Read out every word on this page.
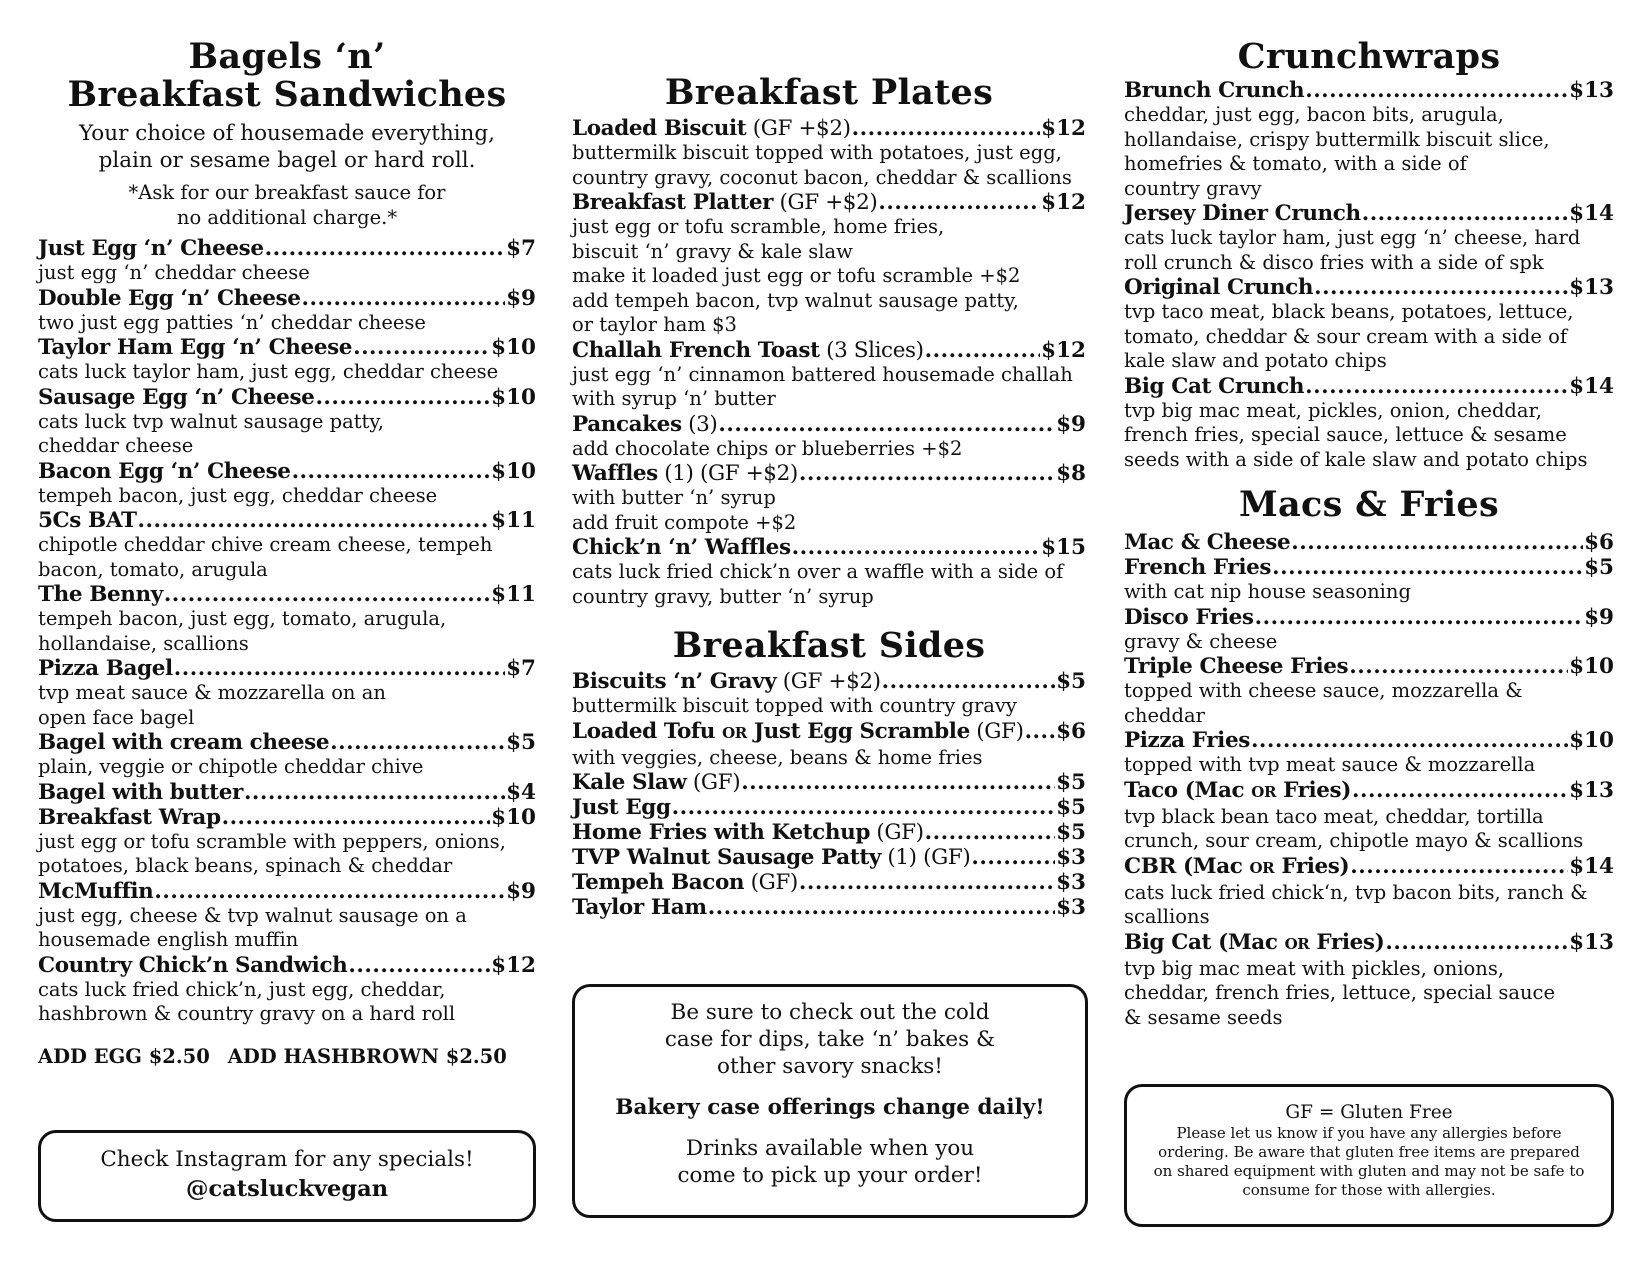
Bagels ‘n’
Breakfast Sandwiches
Your choice of housemade everything,
plain or sesame bagel or hard roll.
*Ask for our breakfast sauce for
no additional charge.*
Just Egg ‘n’ Cheese .....	$7
just egg ‘n’ cheddar cheese
Double Egg ‘n’ Cheese .....	$9
two just egg patties ‘n’ cheddar cheese
Taylor Ham Egg ‘n’ Cheese .....	$10
cats luck taylor ham, just egg, cheddar cheese
Sausage Egg ‘n’ Cheese .....	$10
cats luck tvp walnut sausage patty,
cheddar cheese
Bacon Egg ‘n’ Cheese .....	$10
tempeh bacon, just egg, cheddar cheese
5Cs BAT .....	$11
chipotle cheddar chive cream cheese, tempeh
bacon, tomato, arugula
The Benny .....	$11
tempeh bacon, just egg, tomato, arugula,
hollandaise, scallions
Pizza Bagel .....	$7
tvp meat sauce & mozzarella on an
open face bagel
Bagel with cream cheese .....	$5
plain, veggie or chipotle cheddar chive
Bagel with butter .....	$4
Breakfast Wrap .....	$10
just egg or tofu scramble with peppers, onions,
potatoes, black beans, spinach & cheddar
McMuffin .....	$9
just egg, cheese & tvp walnut sausage on a
housemade english muffin
Country Chick’n Sandwich .....	$12
cats luck fried chick’n, just egg, cheddar,
hashbrown & country gravy on a hard roll
ADD EGG $2.50 ADD HASHBROWN $2.50
Check Instagram for any specials!
@catsluckvegan
Breakfast Plates
Loaded Biscuit (GF +$2) .....	$12
buttermilk biscuit topped with potatoes, just egg,
country gravy, coconut bacon, cheddar & scallions
Breakfast Platter (GF +$2) .....	$12
just egg or tofu scramble, home fries,
biscuit ‘n’ gravy & kale slaw
make it loaded just egg or tofu scramble +$2
add tempeh bacon, tvp walnut sausage patty,
or taylor ham $3
Challah French Toast (3 Slices) .....	$12
just egg ‘n’ cinnamon battered housemade challah
with syrup ‘n’ butter
Pancakes (3) .....	$9
add chocolate chips or blueberries +$2
Waffles (1) (GF +$2) .....	$8
with butter ‘n’ syrup
add fruit compote +$2
Chick’n ‘n’ Waffles .....	$15
cats luck fried chick’n over a waffle with a side of
country gravy, butter ‘n’ syrup
Breakfast Sides
Biscuits ‘n’ Gravy (GF +$2) .....	$5
buttermilk biscuit topped with country gravy
Loaded Tofu OR Just Egg Scramble (GF) ..... $6
with veggies, cheese, beans & home fries
Kale Slaw (GF) .....	$5
Just Egg .....	$5
Home Fries with Ketchup (GF) .....	$5
TVP Walnut Sausage Patty (1) (GF) .....	$3
Tempeh Bacon (GF) .....	$3
Taylor Ham .....	$3

Be sure to check out the cold
case for dips, take ‘n’ bakes &
other savory snacks!

Bakery case offerings change daily!

Drinks available when you
come to pick up your order!

Crunchwraps
Brunch Crunch .....	$13
cheddar, just egg, bacon bits, arugula,
hollandaise, crispy buttermilk biscuit slice,
homefries & tomato, with a side of
country gravy
Jersey Diner Crunch .....	$14
cats luck taylor ham, just egg ‘n’ cheese, hard
roll crunch & disco fries with a side of spk
Original Crunch .....	$13
tvp taco meat, black beans, potatoes, lettuce,
tomato, cheddar & sour cream with a side of
kale slaw and potato chips
Big Cat Crunch .....	$14
tvp big mac meat, pickles, onion, cheddar,
french fries, special sauce, lettuce & sesame
seeds with a side of kale slaw and potato chips
Macs & Fries
Mac & Cheese .....	$6
French Fries .....	$5
with cat nip house seasoning
Disco Fries .....	$9
gravy & cheese
Triple Cheese Fries .....	$10
topped with cheese sauce, mozzarella &
cheddar
Pizza Fries .....	$10
topped with tvp meat sauce & mozzarella
Taco (Mac OR Fries) .....	$13
tvp black bean taco meat, cheddar, tortilla
crunch, sour cream, chipotle mayo & scallions
CBR (Mac OR Fries) .....	$14
cats luck fried chick‘n, tvp bacon bits, ranch &
scallions
Big Cat (Mac OR Fries) .....	$13
tvp big mac meat with pickles, onions,
cheddar, french fries, lettuce, special sauce
& sesame seeds
GF = Gluten Free
Please let us know if you have any allergies before ordering. Be aware that gluten free items are prepared on shared equipment with gluten and may not be safe to consume for those with allergies.
